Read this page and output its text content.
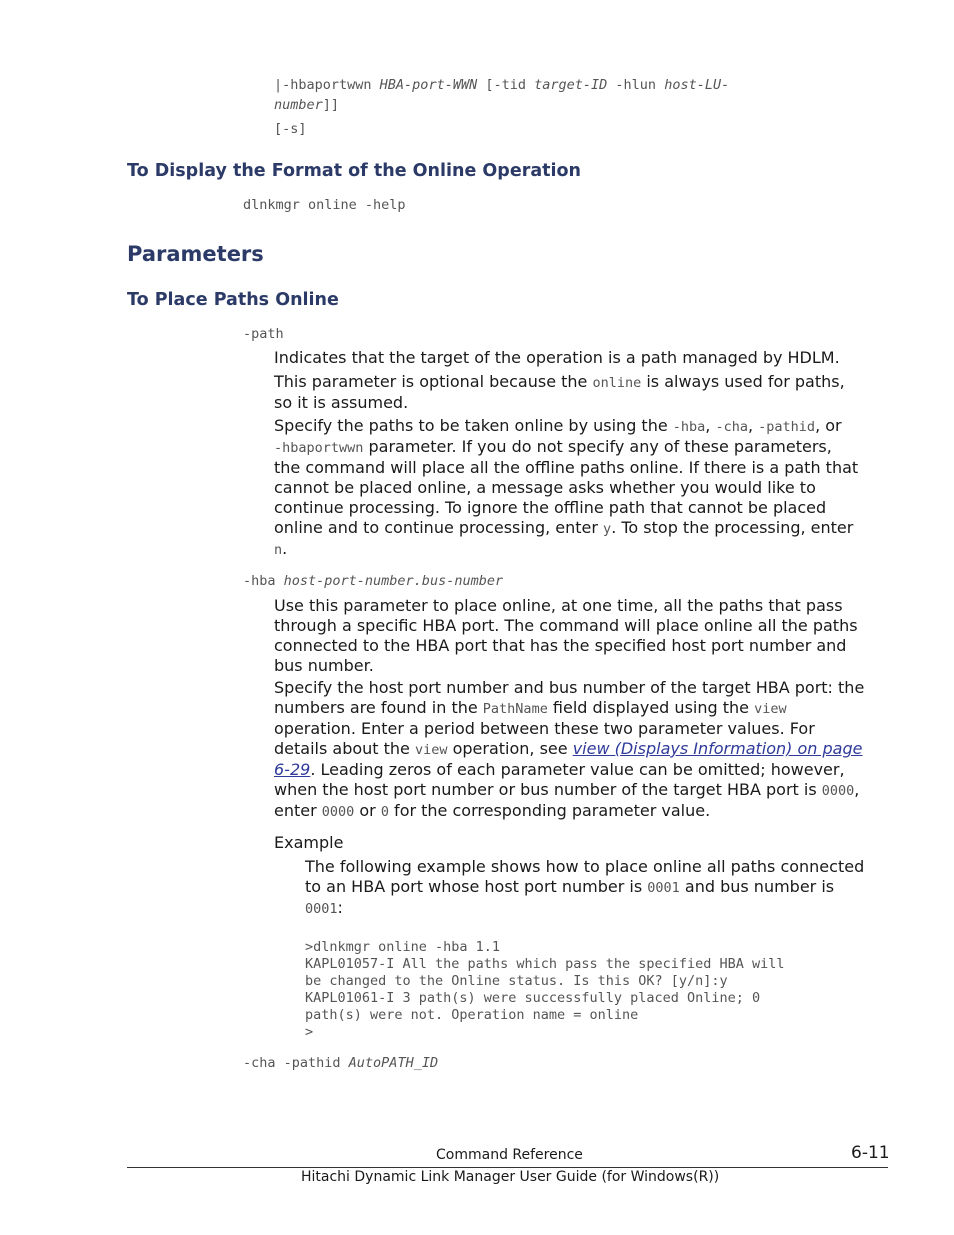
|-hbaportwwn HBA-port-WWN [-tid target-ID -hlun host-LU-
number]]
[-s]
To Display the Format of the Online Operation
dlnkmgr online -help
Parameters
To Place Paths Online
-path
Indicates that the target of the operation is a path managed by HDLM.
This parameter is optional because the online is always used for paths,
so it is assumed.
Specify the paths to be taken online by using the -hba, -cha, -pathid, or
-hbaportwwn parameter. If you do not specify any of these parameters,
the command will place all the offline paths online. If there is a path that
cannot be placed online, a message asks whether you would like to
continue processing. To ignore the offline path that cannot be placed
online and to continue processing, enter y. To stop the processing, enter
n.
-hba host-port-number.bus-number
Use this parameter to place online, at one time, all the paths that pass
through a specific HBA port. The command will place online all the paths
connected to the HBA port that has the specified host port number and
bus number.
Specify the host port number and bus number of the target HBA port: the
numbers are found in the PathName field displayed using the view
operation. Enter a period between these two parameter values. For
details about the view operation, see view (Displays Information) on page
6-29. Leading zeros of each parameter value can be omitted; however,
when the host port number or bus number of the target HBA port is 0000,
enter 0000 or 0 for the corresponding parameter value.
Example
The following example shows how to place online all paths connected
to an HBA port whose host port number is 0001 and bus number is
0001:
>dlnkmgr online -hba 1.1
KAPL01057-I All the paths which pass the specified HBA will
be changed to the Online status. Is this OK? [y/n]:y
KAPL01061-I 3 path(s) were successfully placed Online; 0
path(s) were not. Operation name = online
>
-cha -pathid AutoPATH_ID
Command Reference	6-11
Hitachi Dynamic Link Manager User Guide (for Windows(R))
